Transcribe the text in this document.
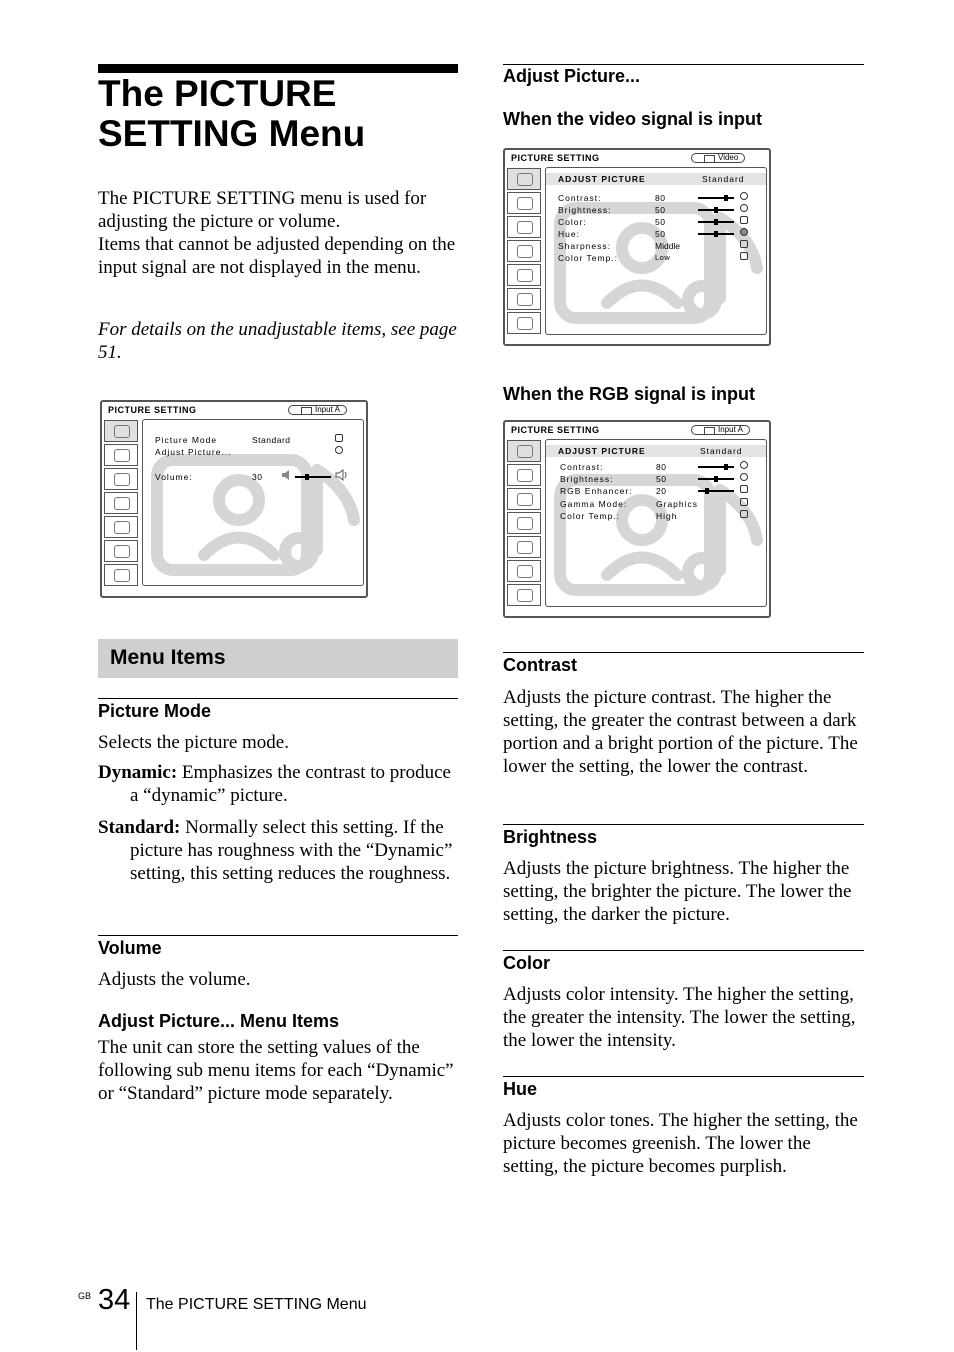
The PICTURE SETTING Menu

The PICTURE SETTING menu is used for adjusting the picture or volume.

Items that cannot be adjusted depending on the input signal are not displayed in the menu.

For details on the unadjustable items, see page 51.

PICTURE SETTING	Input A
Picture Mode	Standard
Adjust Picture...
Volume:	30
Menu Items
Picture Mode

Selects the picture mode.

Dynamic: Emphasizes the contrast to produce a “dynamic” picture.

Standard: Normally select this setting. If the picture has roughness with the “Dynamic” setting, this setting reduces the roughness.

Volume

Adjusts the volume.

Adjust Picture... Menu Items

The unit can store the setting values of the following sub menu items for each “Dynamic” or “Standard” picture mode separately.

Adjust Picture...
When the video signal is input
PICTURE SETTING	Video
ADJUST PICTURE	Standard
Contrast:	80
Brightness:	50
Color:	50
Hue:	50
Sharpness:	Middle
Color Temp.:	Low
When the RGB signal is input
PICTURE SETTING	Input A
ADJUST PICTURE	Standard
Contrast:	80
Brightness:	50
RGB Enhancer:	20
Gamma Mode:	Graphics
Color Temp.:	High
Contrast

Adjusts the picture contrast. The higher the setting, the greater the contrast between a dark portion and a bright portion of the picture. The lower the setting, the lower the contrast.

Brightness

Adjusts the picture brightness. The higher the setting, the brighter the picture. The lower the setting, the darker the picture.

Color

Adjusts color intensity. The higher the setting, the greater the intensity. The lower the setting, the lower the intensity.

Hue

Adjusts color tones. The higher the setting, the picture becomes greenish. The lower the setting, the picture becomes purplish.

GB 34 The PICTURE SETTING Menu
